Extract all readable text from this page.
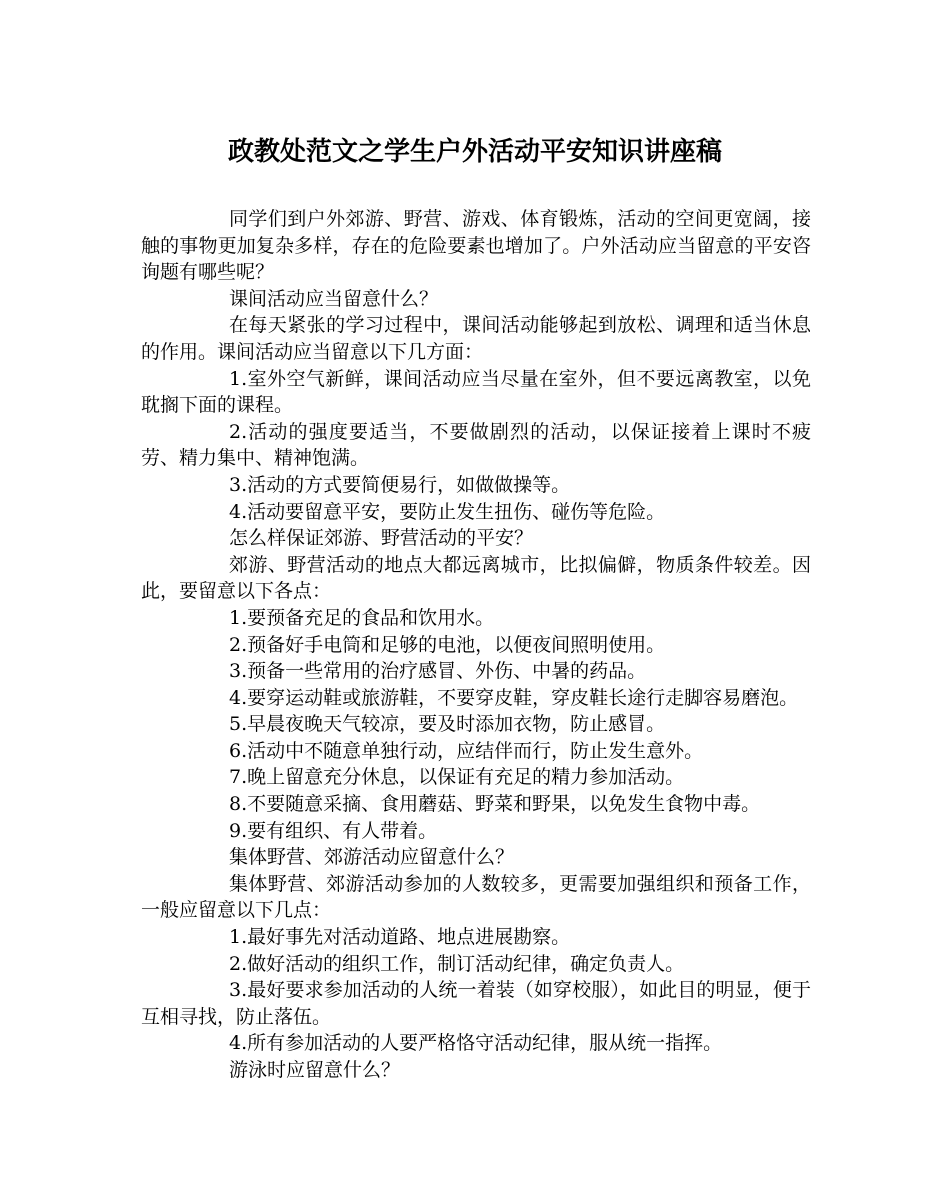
政教处范文之学生户外活动平安知识讲座稿

同学们到户外郊游、野营、游戏、体育锻炼，活动的空间更宽阔，接触的事物更加复杂多样，存在的危险要素也增加了。户外活动应当留意的平安咨询题有哪些呢？

课间活动应当留意什么？

在每天紧张的学习过程中，课间活动能够起到放松、调理和适当休息的作用。课间活动应当留意以下几方面：

1.室外空气新鲜，课间活动应当尽量在室外，但不要远离教室，以免耽搁下面的课程。

2.活动的强度要适当，不要做剧烈的活动，以保证接着上课时不疲劳、精力集中、精神饱满。

3.活动的方式要简便易行，如做做操等。

4.活动要留意平安，要防止发生扭伤、碰伤等危险。

怎么样保证郊游、野营活动的平安？

郊游、野营活动的地点大都远离城市，比拟偏僻，物质条件较差。因此，要留意以下各点：

1.要预备充足的食品和饮用水。

2.预备好手电筒和足够的电池，以便夜间照明使用。

3.预备一些常用的治疗感冒、外伤、中暑的药品。

4.要穿运动鞋或旅游鞋，不要穿皮鞋，穿皮鞋长途行走脚容易磨泡。

5.早晨夜晚天气较凉，要及时添加衣物，防止感冒。

6.活动中不随意单独行动，应结伴而行，防止发生意外。

7.晚上留意充分休息，以保证有充足的精力参加活动。

8.不要随意采摘、食用蘑菇、野菜和野果，以免发生食物中毒。

9.要有组织、有人带着。

集体野营、郊游活动应留意什么？

集体野营、郊游活动参加的人数较多，更需要加强组织和预备工作，一般应留意以下几点：

1.最好事先对活动道路、地点进展勘察。

2.做好活动的组织工作，制订活动纪律，确定负责人。

3.最好要求参加活动的人统一着装（如穿校服），如此目的明显，便于互相寻找，防止落伍。

4.所有参加活动的人要严格恪守活动纪律，服从统一指挥。

游泳时应留意什么？
